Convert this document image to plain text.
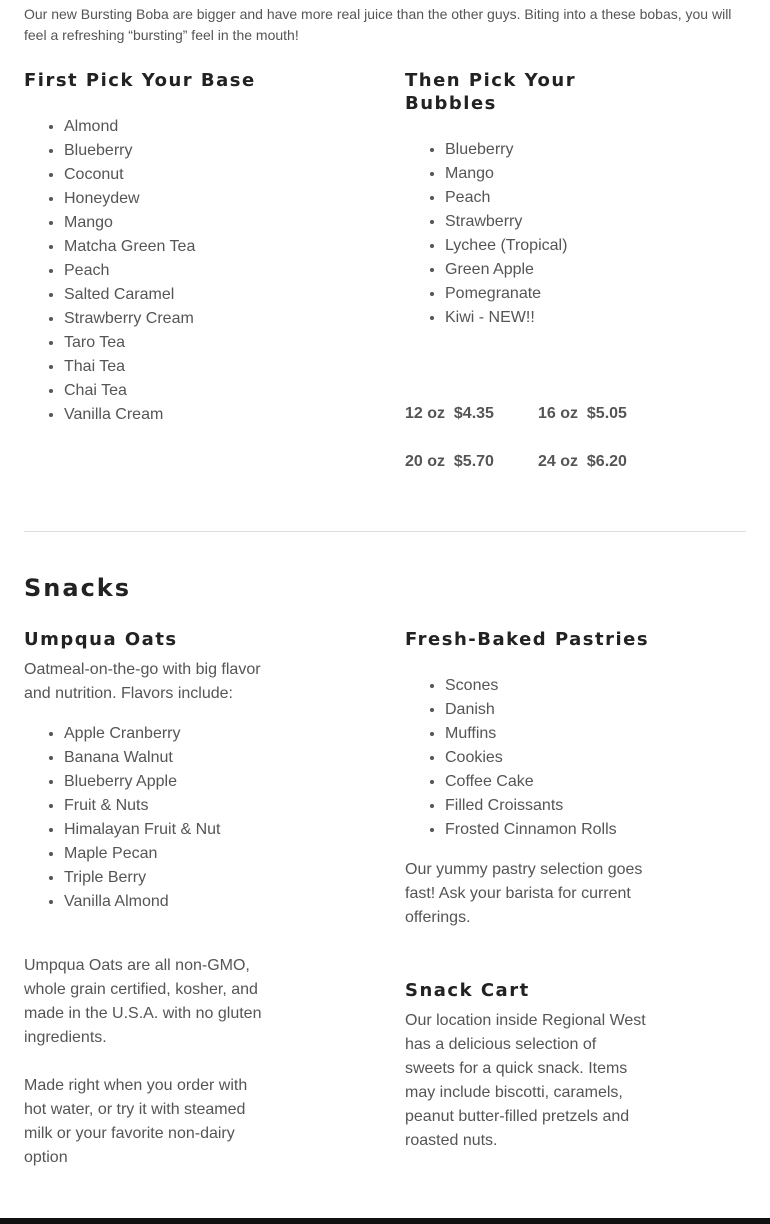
Our new Bursting Boba are bigger and have more real juice than the other guys. Biting into a these bobas, you will feel a refreshing “bursting” feel in the mouth!

First Pick Your Base
• Almond
• Blueberry
• Coconut
• Honeydew
• Mango
• Matcha Green Tea
• Peach
• Salted Caramel
• Strawberry Cream
• Taro Tea
• Thai Tea
• Chai Tea
• Vanilla Cream
Then Pick Your Bubbles
• Blueberry
• Mango
• Peach
• Strawberry
• Lychee (Tropical)
• Green Apple
• Pomegranate
• Kiwi - NEW!!
12 oz $4.35	16 oz $5.05
20 oz $5.70	24 oz $6.20
Snacks
Umpqua Oats

Oatmeal-on-the-go with big flavor and nutrition. Flavors include:

• Apple Cranberry
• Banana Walnut
• Blueberry Apple
• Fruit & Nuts
• Himalayan Fruit & Nut
• Maple Pecan
• Triple Berry
• Vanilla Almond

Umpqua Oats are all non-GMO, whole grain certified, kosher, and made in the U.S.A. with no gluten ingredients.

Made right when you order with hot water, or try it with steamed milk or your favorite non-dairy option

Fresh-Baked Pastries
• Scones
• Danish
• Muffins
• Cookies
• Coffee Cake
• Filled Croissants
• Frosted Cinnamon Rolls

Our yummy pastry selection goes fast! Ask your barista for current offerings.

Snack Cart

Our location inside Regional West has a delicious selection of sweets for a quick snack. Items may include biscotti, caramels, peanut butter-filled pretzels and roasted nuts.
